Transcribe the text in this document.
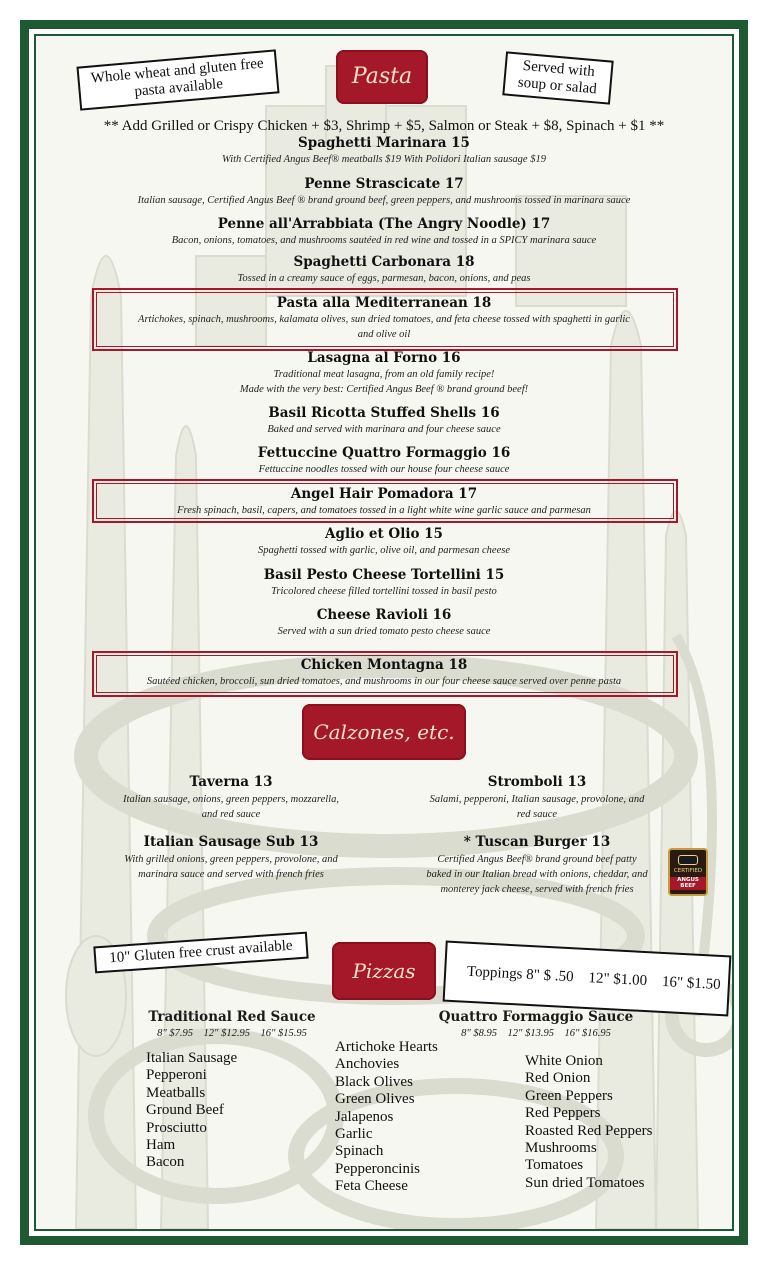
Whole wheat and gluten free pasta available	Pasta	Served with soup or salad
** Add Grilled or Crispy Chicken + $3, Shrimp + $5, Salmon or Steak + $8, Spinach + $1 **
Spaghetti Marinara 15
With Certified Angus Beef® meatballs $19 With Polidori Italian sausage $19
Penne Strascicate 17
Italian sausage, Certified Angus Beef ® brand ground beef, green peppers, and mushrooms tossed in marinara sauce
Penne all'Arrabbiata (The Angry Noodle) 17
Bacon, onions, tomatoes, and mushrooms sautéed in red wine and tossed in a SPICY marinara sauce
Spaghetti Carbonara 18
Tossed in a creamy sauce of eggs, parmesan, bacon, onions, and peas
Pasta alla Mediterranean 18
Artichokes, spinach, mushrooms, kalamata olives, sun dried tomatoes, and feta cheese tossed with spaghetti in garlic
and olive oil
Lasagna al Forno 16
Traditional meat lasagna, from an old family recipe!
Made with the very best: Certified Angus Beef ® brand ground beef!
Basil Ricotta Stuffed Shells 16
Baked and served with marinara and four cheese sauce
Fettuccine Quattro Formaggio 16
Fettuccine noodles tossed with our house four cheese sauce
Angel Hair Pomadora 17
Fresh spinach, basil, capers, and tomatoes tossed in a light white wine garlic sauce and parmesan
Aglio et Olio 15
Spaghetti tossed with garlic, olive oil, and parmesan cheese
Basil Pesto Cheese Tortellini 15
Tricolored cheese filled tortellini tossed in basil pesto
Cheese Ravioli 16
Served with a sun dried tomato pesto cheese sauce
Chicken Montagna 18
Sautéed chicken, broccoli, sun dried tomatoes, and mushrooms in our four cheese sauce served over penne pasta
Calzones, etc.
Taverna 13
Italian sausage, onions, green peppers, mozzarella,
and red sauce
Stromboli 13
Salami, pepperoni, Italian sausage, provolone, and
red sauce
Italian Sausage Sub 13
With grilled onions, green peppers, provolone, and
marinara sauce and served with french fries
* Tuscan Burger 13
Certified Angus Beef® brand ground beef patty
baked in our Italian bread with onions, cheddar, and
monterey jack cheese, served with french fries
CERTIFIED
ANGUS BEEF
10" Gluten free crust available
Pizzas	Toppings 8" $ .50    12" $1.00    16" $1.50

Traditional Red Sauce
8" $7.95    12" $12.95    16" $15.95
Quattro Formaggio Sauce
8" $8.95    12" $13.95    16" $16.95
Italian Sausage
Pepperoni
Meatballs
Ground Beef
Prosciutto
Ham
Bacon
Artichoke Hearts
Anchovies
Black Olives
Green Olives
Jalapenos
Garlic
Spinach
Pepperoncinis
Feta Cheese
White Onion
Red Onion
Green Peppers
Red Peppers
Roasted Red Peppers
Mushrooms
Tomatoes
Sun dried Tomatoes
